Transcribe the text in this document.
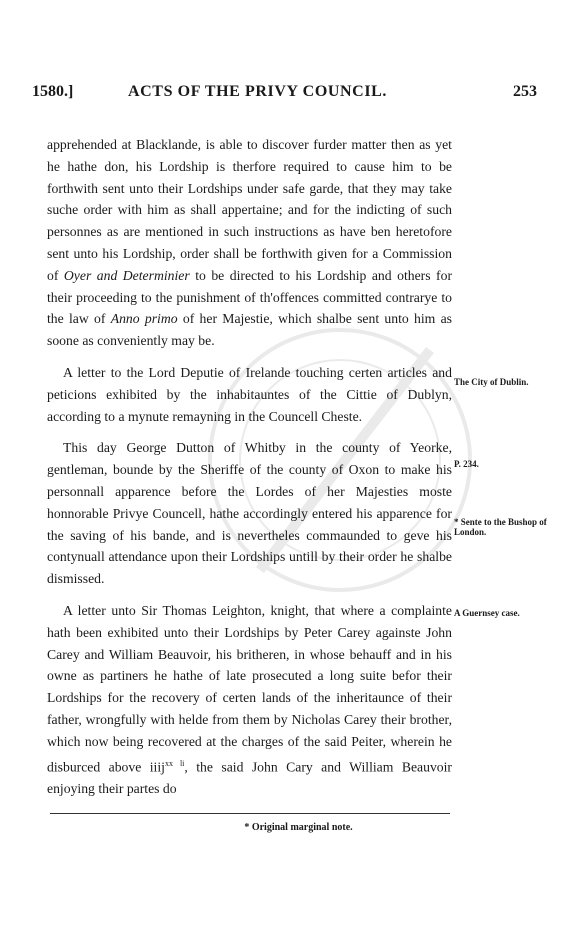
1580.]	ACTS OF THE PRIVY COUNCIL.	253

apprehended at Blacklande, is able to discover furder matter then as yet he hathe don, his Lordship is therfore required to cause him to be forthwith sent unto their Lordships under safe garde, that they may take suche order with him as shall appertaine; and for the indicting of such personnes as are mentioned in such instructions as have ben heretofore sent unto his Lordship, order shall be forthwith given for a Commission of Oyer and Determinier to be directed to his Lordship and others for their proceeding to the punishment of th'offences committed contrarye to the law of Anno primo of her Majestie, which shalbe sent unto him as soone as conveniently may be.

A letter to the Lord Deputie of Irelande touching certen articles and peticions exhibited by the inhabitauntes of the Cittie of Dublyn, according to a mynute remayning in the Councell Cheste.

This day George Dutton of Whitby in the county of Yeorke, gentleman, bounde by the Sheriffe of the county of Oxon to make his personnall apparence before the Lordes of her Majesties moste honnorable Privye Councell, hathe accordingly entered his apparence for the saving of his bande, and is nevertheles commaunded to geve his contynuall attendance upon their Lordships untill by their order he shalbe dismissed.

A letter unto Sir Thomas Leighton, knight, that where a complainte hath been exhibited unto their Lordships by Peter Carey againste John Carey and William Beauvoir, his britheren, in whose behauff and in his owne as partiners he hathe of late prosecuted a long suite befor their Lordships for the recovery of certen lands of the inheritaunce of their father, wrongfully with helde from them by Nicholas Carey their brother, which now being recovered at the charges of the said Peiter, wherein he disburced above iiij$^{xx li}$, the said John Cary and William Beauvoir enjoying their partes do

The City of Dublin.
P. 234.
* Sente to the Bushop of London.
A Guernsey case.
* Original marginal note.
